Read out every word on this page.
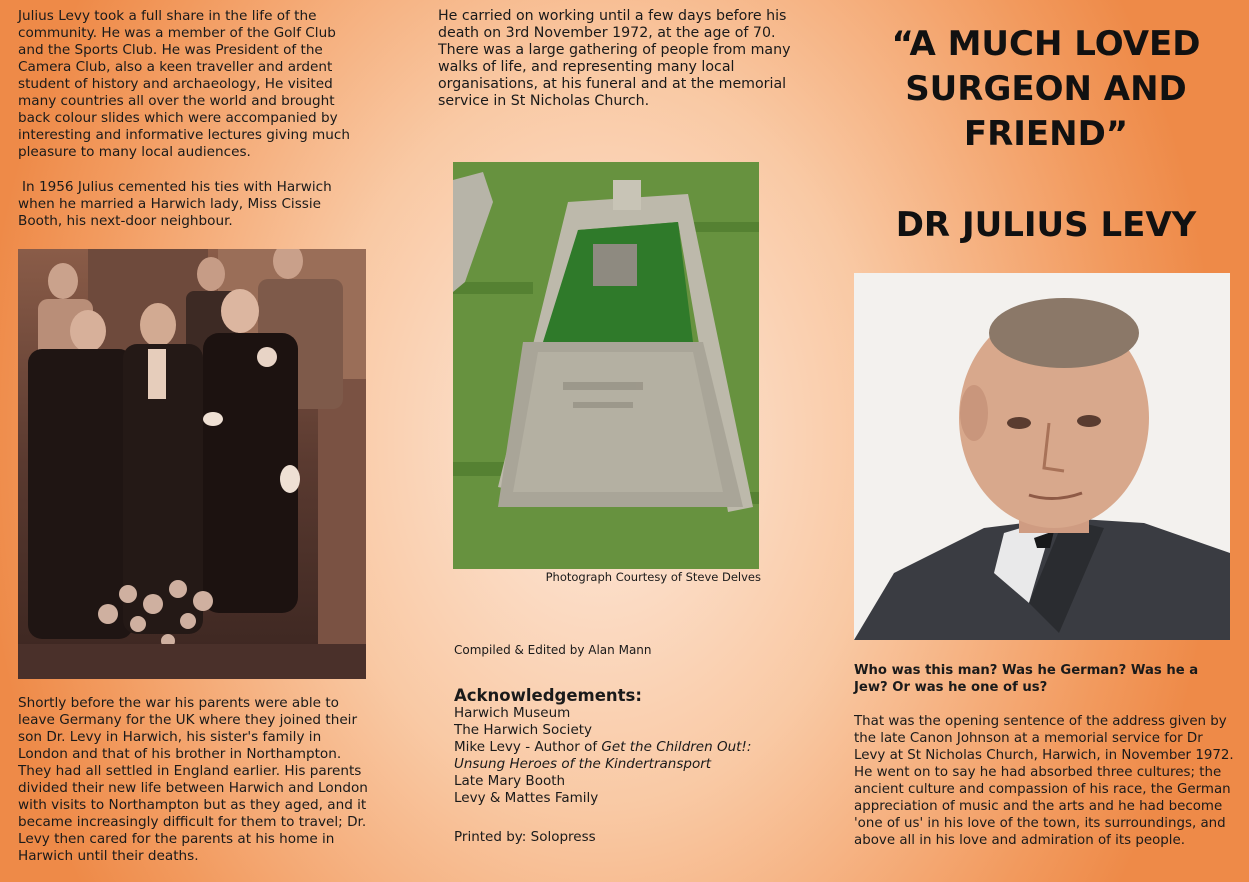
Julius Levy took a full share in the life of the community. He was a member of the Golf Club and the Sports Club. He was President of the Camera Club, also a keen traveller and ardent student of history and archaeology, He visited many countries all over the world and brought back colour slides which were accompanied by interesting and informative lectures giving much pleasure to many local audiences.

In 1956 Julius cemented his ties with Harwich when he married a Harwich lady, Miss Cissie Booth, his next-door neighbour.

Shortly before the war his parents were able to leave Germany for the UK where they joined their son Dr. Levy in Harwich, his sister's family in London and that of his brother in Northampton. They had all settled in England earlier. His parents divided their new life between Harwich and London with visits to Northampton but as they aged, and it became increasingly difficult for them to travel; Dr. Levy then cared for the parents at his home in Harwich until their deaths.

He carried on working until a few days before his death on 3rd November 1972, at the age of 70. There was a large gathering of people from many walks of life, and representing many local organisations, at his funeral and at the memorial service in St Nicholas Church.

Photograph Courtesy of Steve Delves
Compiled & Edited by Alan Mann

Acknowledgements:

Harwich Museum
The Harwich Society
Mike Levy - Author of Get the Children Out!:
Unsung Heroes of the Kindertransport
Late Mary Booth
Levy & Mattes Family
Printed by: Solopress

“A MUCH LOVED

SURGEON AND

FRIEND”

DR JULIUS LEVY

Who was this man? Was he German? Was he a Jew? Or was he one of us?

That was the opening sentence of the address given by the late Canon Johnson at a memorial service for Dr Levy at St Nicholas Church, Harwich, in November 1972. He went on to say he had absorbed three cultures; the ancient culture and compassion of his race, the German appreciation of music and the arts and he had become 'one of us' in his love of the town, its surroundings, and above all in his love and admiration of its people.
